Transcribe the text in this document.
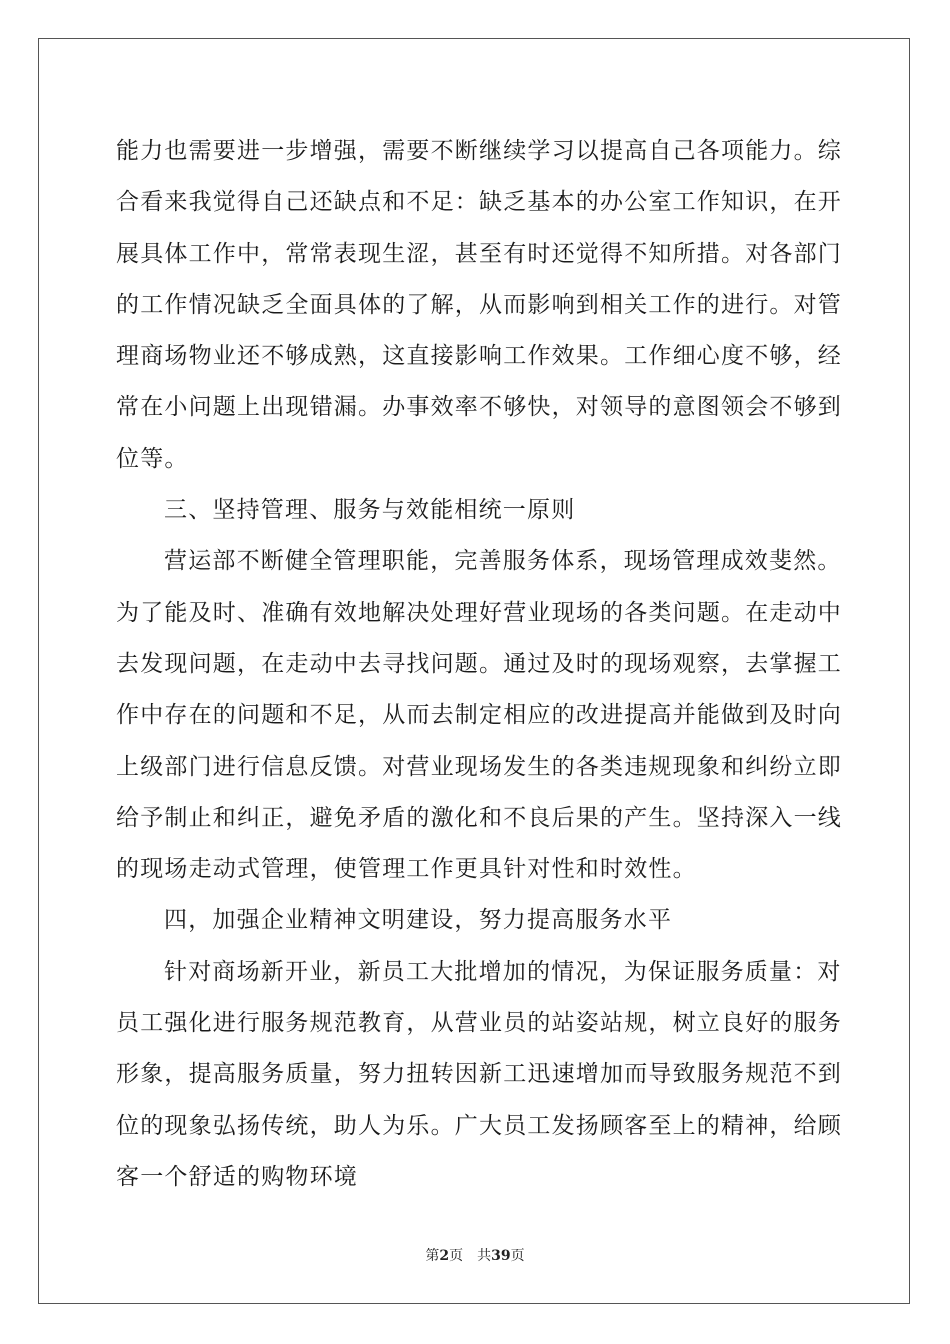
能力也需要进一步增强，需要不断继续学习以提高自己各项能力。综
合看来我觉得自己还缺点和不足：缺乏基本的办公室工作知识，在开
展具体工作中，常常表现生涩，甚至有时还觉得不知所措。对各部门
的工作情况缺乏全面具体的了解，从而影响到相关工作的进行。对管
理商场物业还不够成熟，这直接影响工作效果。工作细心度不够，经
常在小问题上出现错漏。办事效率不够快，对领导的意图领会不够到
位等。
三、坚持管理、服务与效能相统一原则
营运部不断健全管理职能，完善服务体系，现场管理成效斐然。
为了能及时、准确有效地解决处理好营业现场的各类问题。在走动中
去发现问题，在走动中去寻找问题。通过及时的现场观察，去掌握工
作中存在的问题和不足，从而去制定相应的改进提高并能做到及时向
上级部门进行信息反馈。对营业现场发生的各类违规现象和纠纷立即
给予制止和纠正，避免矛盾的激化和不良后果的产生。坚持深入一线
的现场走动式管理，使管理工作更具针对性和时效性。
四，加强企业精神文明建设，努力提高服务水平
针对商场新开业，新员工大批增加的情况，为保证服务质量：对
员工强化进行服务规范教育，从营业员的站姿站规，树立良好的服务
形象，提高服务质量，努力扭转因新工迅速增加而导致服务规范不到
位的现象弘扬传统，助人为乐。广大员工发扬顾客至上的精神，给顾
客一个舒适的购物环境
第2页　共39页
